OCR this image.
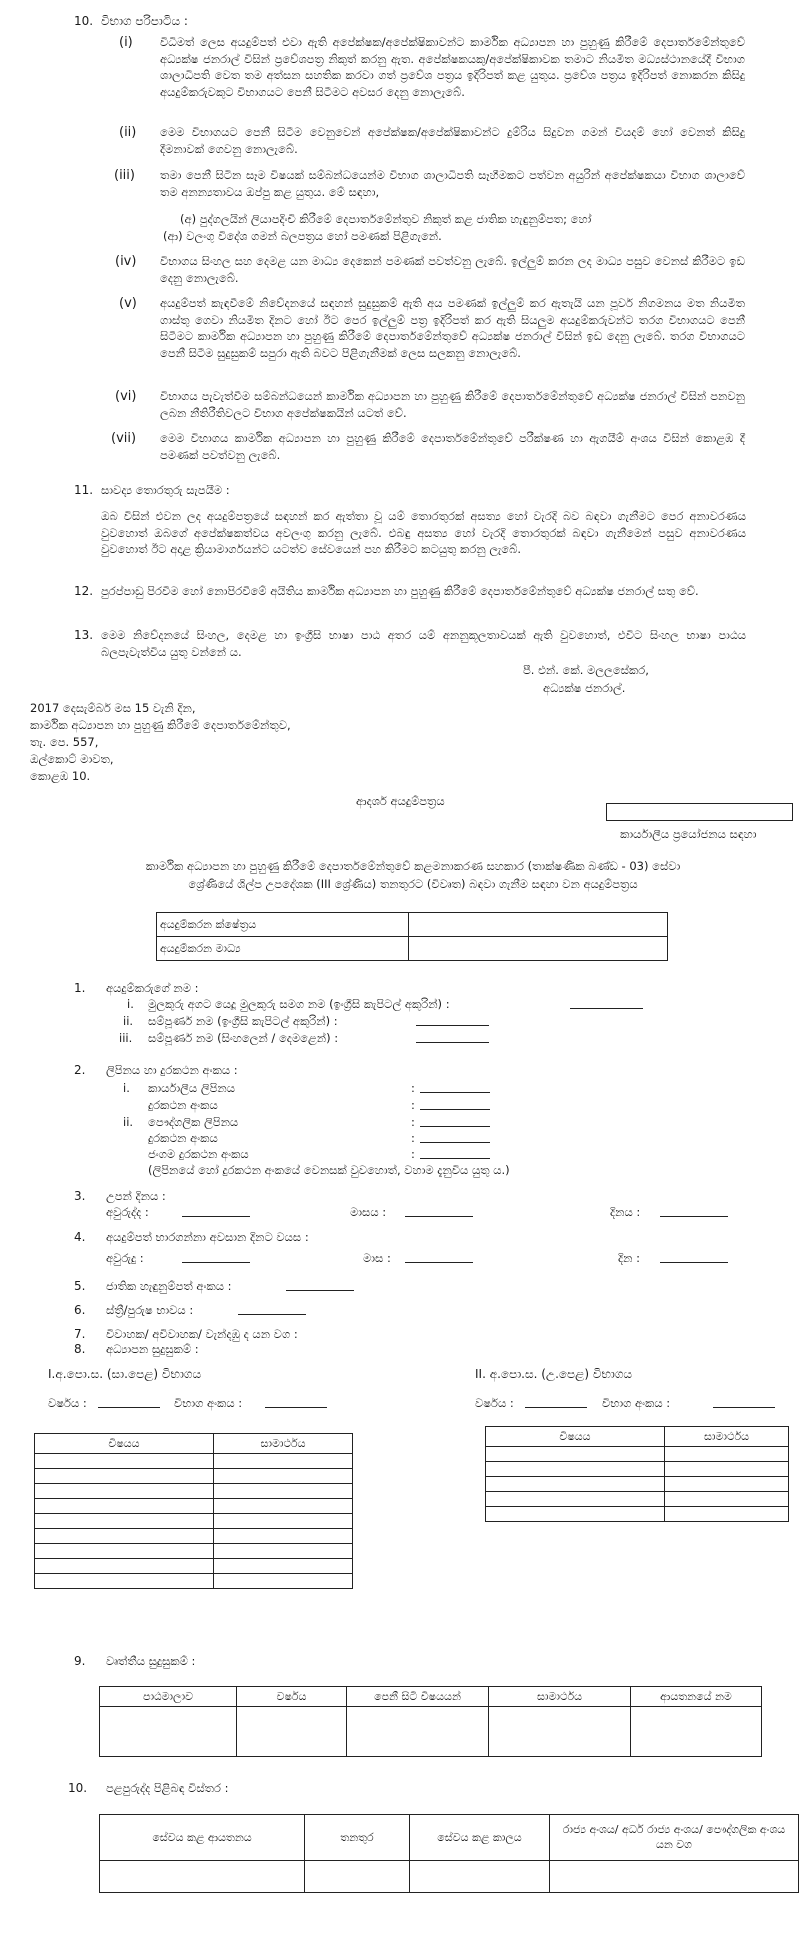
10. විභාග පරිපාටිය :
(i) විධිමත් ලෙස අයදුම්පත් එවා ඇති අපේක්ෂක/අපේක්ෂිකාවන්ට කාර්මික අධ්‍යාපන හා පුහුණු කිරීමේ දෙපාර්තමේන්තුවේ අධ්‍යක්ෂ ජනරාල් විසින් ප්‍රවේශපත්‍ර නිකුත් කරනු ඇත. අපේක්ෂකයකු/අපේක්ෂිකාවක තමාට නියමිත මධ්‍යස්ථානයේදී විභාග ශාලාධිපති වෙත තම අත්සන සහතික කරවා ගත් ප්‍රවේශ පත්‍රය ඉදිරිපත් කළ යුතුය. ප්‍රවේශ පත්‍රය ඉදිරිපත් නොකරන කිසිදු අයදුම්කරුවකුට විභාගයට පෙනී සිටීමට අවසර දෙනු නොලැබේ.
(ii) මෙම විභාගයට පෙනී සිටීම වෙනුවෙන් අපේක්ෂක/අපේක්ෂිකාවන්ට දුම්රිය සිදුවන ගමන් වියදම් හෝ වෙනත් කිසිදු දීමනාවක් ගෙවනු නොලැබේ.
(iii) තමා පෙනී සිටින සෑම විෂයක් සම්බන්ධයෙන්ම විභාග ශාලාධිපති සෑහීමකට පත්වන අයුරින් අපේක්ෂකයා විභාග ශාලාවේ තම අනන්‍යතාවය ඔප්පු කළ යුතුය. මේ සඳහා,
(අ) පුද්ගලයින් ලියාපදිංචි කිරීමේ දෙපාර්තමේන්තුව නිකුත් කළ ජාතික හැඳුනුම්පත; හෝ
(ආ) වලංගු විදේශ ගමන් බලපත්‍රය හෝ පමණක් පිළිගැනේ.
(iv) විභාගය සිංහල සහ දෙමළ යන මාධ්‍ය දෙකෙන් පමණක් පවත්වනු ලැබේ. ඉල්ලුම් කරන ලද මාධ්‍ය පසුව වෙනස් කිරීමට ඉඩ දෙනු නොලැබේ.
(v) අයදුම්පත් කැඳවීමේ නිවේදනයේ සඳහන් සුදුසුකම් ඇති අය පමණක් ඉල්ලුම් කර ඇතැයි යන පූර්ව නිගමනය මත නියමිත ගාස්තු ගෙවා නියමිත දිනට හෝ ඊට පෙර ඉල්ලුම් පත්‍ර ඉදිරිපත් කර ඇති සියලුම අයදුම්කරුවන්ට තරග විභාගයට පෙනී සිටීමට කාර්මික අධ්‍යාපන හා පුහුණු කිරීමේ දෙපාර්තමේන්තුවේ අධ්‍යක්ෂ ජනරාල් විසින් ඉඩ දෙනු ලැබේ. තරග විභාගයට පෙනී සිටීම සුදුසුකම් සපුරා ඇති බවට පිළිගැනීමක් ලෙස සලකනු නොලැබේ.
(vi) විභාගය පැවැත්වීම සම්බන්ධයෙන් කාර්මික අධ්‍යාපන හා පුහුණු කිරීමේ දෙපාර්තමේන්තුවේ අධ්‍යක්ෂ ජනරාල් විසින් පනවනු ලබන නීතිරීතිවලට විභාග අපේක්ෂකයින් යටත් වේ.
(vii) මෙම විභාගය කාර්මික අධ්‍යාපන හා පුහුණු කිරීමේ දෙපාර්තමේන්තුවේ පරීක්ෂණ හා ඇගයීම් අංශය විසින් කොළඹ දී පමණක් පවත්වනු ලැබේ.
11. සාවද්‍ය තොරතුරු සැපයීම :
ඔබ විසින් එවන ලද අයදුම්පත්‍රයේ සඳහන් කර ඇත්තා වූ යම් තොරතුරක් අසත්‍ය හෝ වැරදි බව බඳවා ගැනීමට පෙර අනාවරණය වුවහොත් ඔබගේ අපේක්ෂකත්වය අවලංගු කරනු ලැබේ. එබඳු අසත්‍ය හෝ වැරදි තොරතුරක් බඳවා ගැනීමෙන් පසුව අනාවරණය වුවහොත් ඊට අදාළ ක්‍රියාමාර්ගයන්ට යටත්ව සේවයෙන් පහ කිරීමට කටයුතු කරනු ලැබේ.
12. පුරප්පාඩු පිරවීම හෝ නොපිරවීමේ අයිතිය කාර්මික අධ්‍යාපන හා පුහුණු කිරීමේ දෙපාර්තමේන්තුවේ අධ්‍යක්ෂ ජනරාල් සතු වේ.
13. මෙම නිවේදනයේ සිංහල, දෙමළ හා ඉංග්‍රීසි භාෂා පාඨ අතර යම් අනනුකූලතාවයක් ඇති වුවහොත්, එවිට සිංහල භාෂා පාඨය බලපැවැත්විය යුතු වන්නේ ය.
පී. එන්. කේ. මලලසේකර,
අධ්‍යක්ෂ ජනරාල්.
2017 දෙසැම්බර් මස 15 වැනි දින,
කාර්මික අධ්‍යාපන හා පුහුණු කිරීමේ දෙපාර්තමේන්තුව,
තැ. පෙ. 557,
ඔල්කොට් මාවත,
කොළඹ 10.
ආදර්ශ අයදුම්පත්‍රය
කාර්යාලීය ප්‍රයෝජනය සඳහා
කාර්මික අධ්‍යාපන හා පුහුණු කිරීමේ දෙපාර්තමේන්තුවේ කළමනාකරණ සහකාර (තාක්ෂණික බණ්ඩ - 03) සේවා
ශ්‍රේණියේ ශිල්ප උපදේශක (III ශ්‍රේණිය) තනතුරට (විවෘත) බඳවා ගැනීම සඳහා වන අයදුම්පත්‍රය
අයදුම්කරන ක්ෂේත්‍රය	
අයදුම්කරන මාධ්‍ය	
1. අයදුම්කරුගේ නම :
i. මුලකුරු අගට යෙදූ මුලකුරු සමග නම (ඉංග්‍රීසි කැපිටල් අකුරින්) :
ii. සම්පූර්ණ නම (ඉංග්‍රීසි කැපිටල් අකුරින්) :
iii. සම්පූර්ණ නම (සිංහලෙන් / දෙමළෙන්) :
2. ලිපිනය හා දුරකථන අංකය :
i. කාර්යාලීය ලිපිනය	:
දුරකථන අංකය	:
ii. පෞද්ගලික ලිපිනය	:
දුරකථන අංකය	:
ජංගම දුරකථන අංකය	:
(ලිපිනයේ හෝ දුරකථන අංකයේ වෙනසක් වුවහොත්, වහාම දැනුවිය යුතු ය.)
3. උපන් දිනය :
අවුරුද්ද :	මාසය :	දිනය :
4. අයදුම්පත් භාරගන්නා අවසාන දිනට වයස :
අවුරුදු :	මාස :	දින :
5. ජාතික හැඳුනුම්පත් අංකය :
6. ස්ත්‍රී/පුරුෂ භාවය :
7. විවාහක/ අවිවාහක/ වැන්දඹු ද යන වග :
8. අධ්‍යාපන සුදුසුකම් :
I.අ.පො.ස. (සා.පෙළ) විභාගය
වර්ෂය :	විභාග අංකය :
විෂයය	සාමාර්ථය

II. අ.පො.ස. (උ.පෙළ) විභාගය
වර්ෂය :	විභාග අංකය :
විෂයය	සාමාර්ථය

9. වෘත්තීය සුදුසුකම් :
පාඨමාලාව	වර්ෂය	පෙනී සිටි විෂයයන්	සාමාර්ථය	ආයතනයේ නම

10. පළපුරුද්ද පිළිබඳ විස්තර :
සේවය කළ ආයතනය	තනතුර	සේවය කළ කාලය	රාජ්‍ය අංශය/ අර්ධ රාජ්‍ය අංශය/ පෞද්ගලික අංශය යන වග
